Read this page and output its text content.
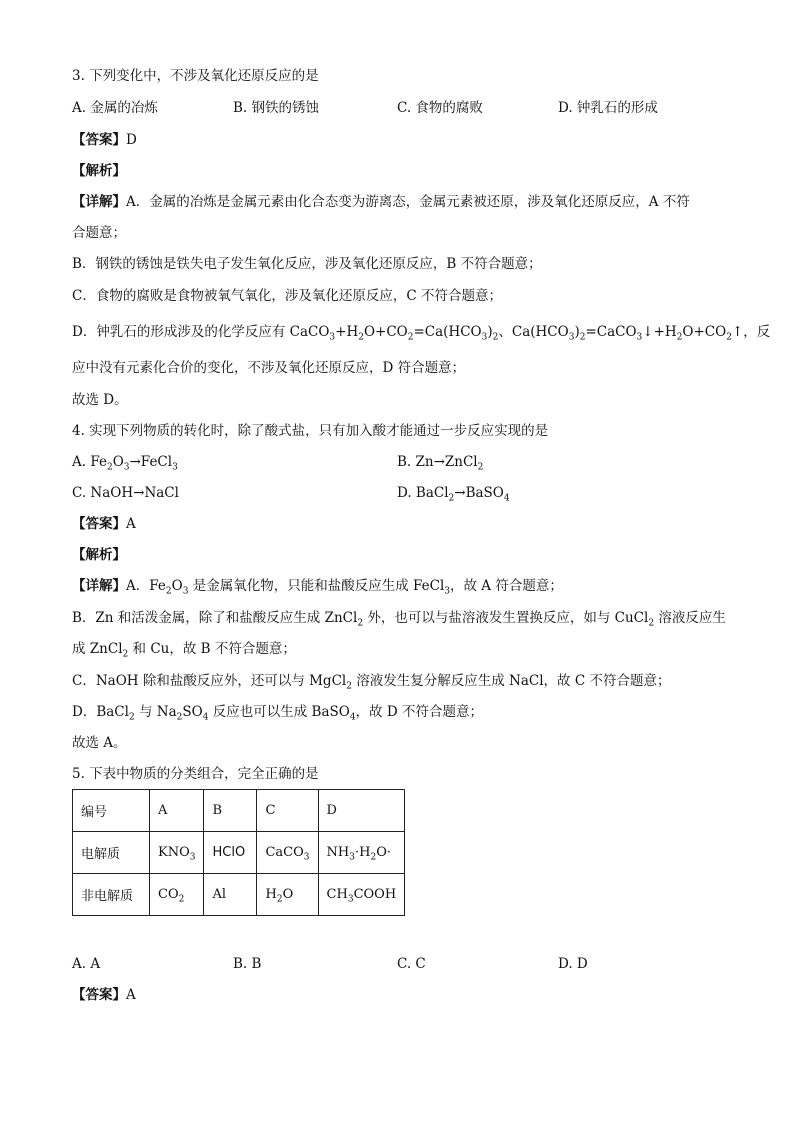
3. 下列变化中，不涉及氧化还原反应的是
A. 金属的冶炼	B. 钢铁的锈蚀	C. 食物的腐败	D. 钟乳石的形成
【答案】D
【解析】
【详解】A．金属的冶炼是金属元素由化合态变为游离态，金属元素被还原，涉及氧化还原反应，A 不符
合题意；
B．钢铁的锈蚀是铁失电子发生氧化反应，涉及氧化还原反应，B 不符合题意；
C．食物的腐败是食物被氧气氧化，涉及氧化还原反应，C 不符合题意；
D．钟乳石的形成涉及的化学反应有 $CaCO_3+H_2O+CO_2=Ca(HCO_3)_2$、$Ca(HCO_3)_2=CaCO_3↓+H_2O+CO_2↑$，反
应中没有元素化合价的变化，不涉及氧化还原反应，D 符合题意；
故选 D。
4. 实现下列物质的转化时，除了酸式盐，只有加入酸才能通过一步反应实现的是
A. $Fe_2O_3\to FeCl_3$	B. Zn→ZnCl$_2$
C. NaOH→NaCl	D. BaCl$_2$→BaSO$_4$
【答案】A
【解析】
【详解】A．$Fe_2O_3$ 是金属氧化物，只能和盐酸反应生成 FeCl$_3$，故 A 符合题意；
B．Zn 和活泼金属，除了和盐酸反应生成 ZnCl$_2$ 外，也可以与盐溶液发生置换反应，如与 CuCl$_2$ 溶液反应生
成 ZnCl$_2$ 和 Cu，故 B 不符合题意；
C．NaOH 除和盐酸反应外，还可以与 MgCl$_2$ 溶液发生复分解反应生成 NaCl，故 C 不符合题意；
D．BaCl$_2$ 与 $Na_2SO_4$ 反应也可以生成 BaSO$_4$，故 D 不符合题意；
故选 A。
5. 下表中物质的分类组合，完全正确的是
编号	A	B	C	D
电解质	$KNO_3$	HClO	CaCO$_3$	$NH_3\cdot H_2O\cdot$
非电解质	$CO_2$	Al	$H_2O$	$CH_3COOH$
A. A	B. B	C. C	D. D
【答案】A
